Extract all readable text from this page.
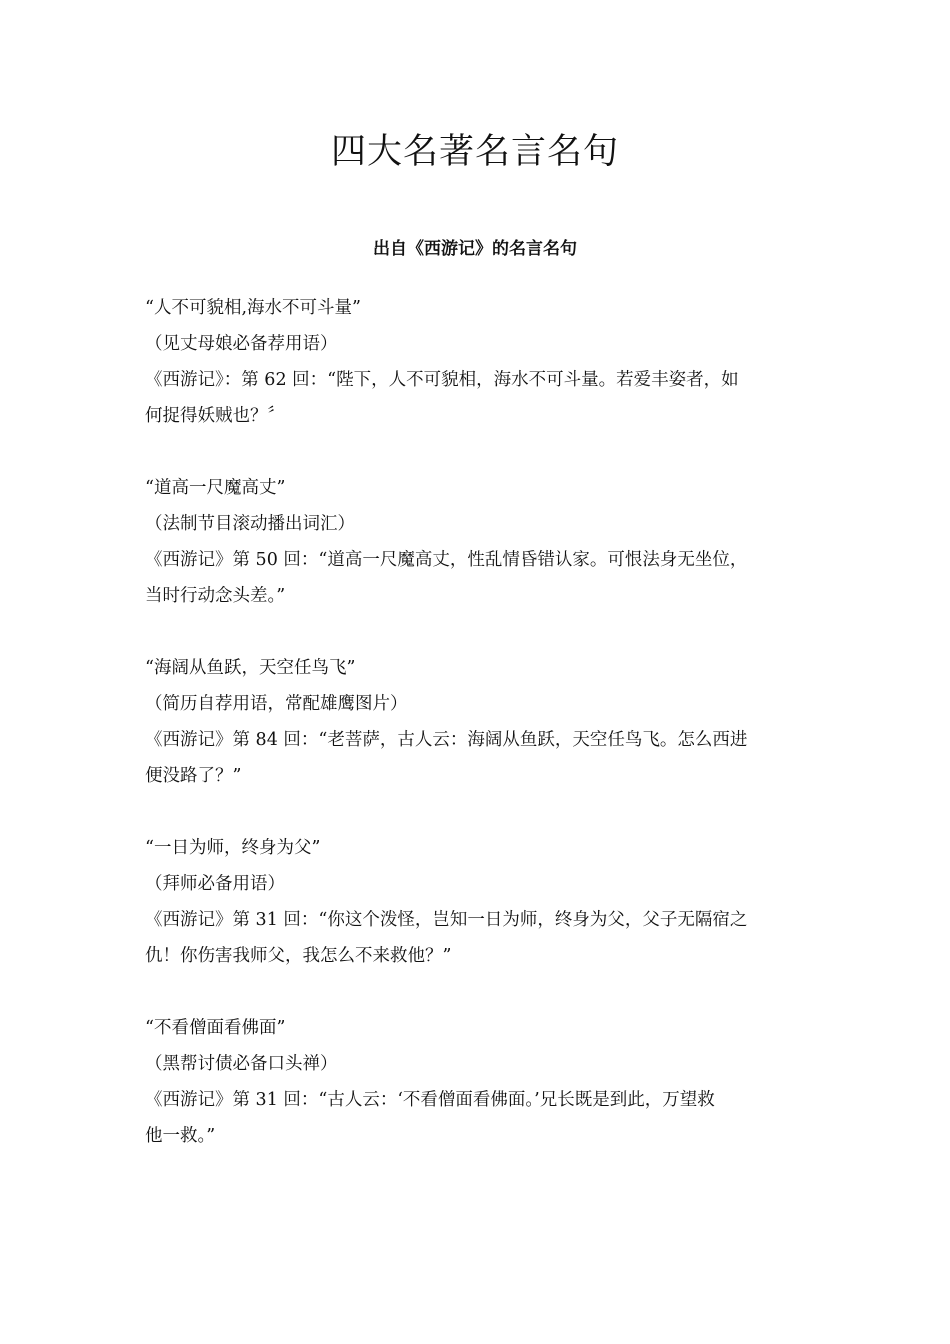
四大名著名言名句
出自《西游记》的名言名句
“人不可貌相,海水不可斗量”
（见丈母娘必备荐用语）
《西游记》：第 62 回：“陛下，人不可貌相，海水不可斗量。若爱丰姿者，如
何捉得妖贼也？〞
“道高一尺魔高丈”
（法制节目滚动播出词汇）
《西游记》第 50 回：“道高一尺魔高丈，性乱情昏错认家。可恨法身无坐位，
当时行动念头差。”
“海阔从鱼跃，天空任鸟飞”
（简历自荐用语，常配雄鹰图片）
《西游记》第 84 回：“老菩萨，古人云：海阔从鱼跃，天空任鸟飞。怎么西进
便没路了？”
“一日为师，终身为父”
（拜师必备用语）
《西游记》第 31 回：“你这个泼怪，岂知一日为师，终身为父，父子无隔宿之
仇！你伤害我师父，我怎么不来救他？”
“不看僧面看佛面”
（黑帮讨债必备口头禅）
《西游记》第 31 回：“古人云：‘不看僧面看佛面。’兄长既是到此，万望救
他一救。”
